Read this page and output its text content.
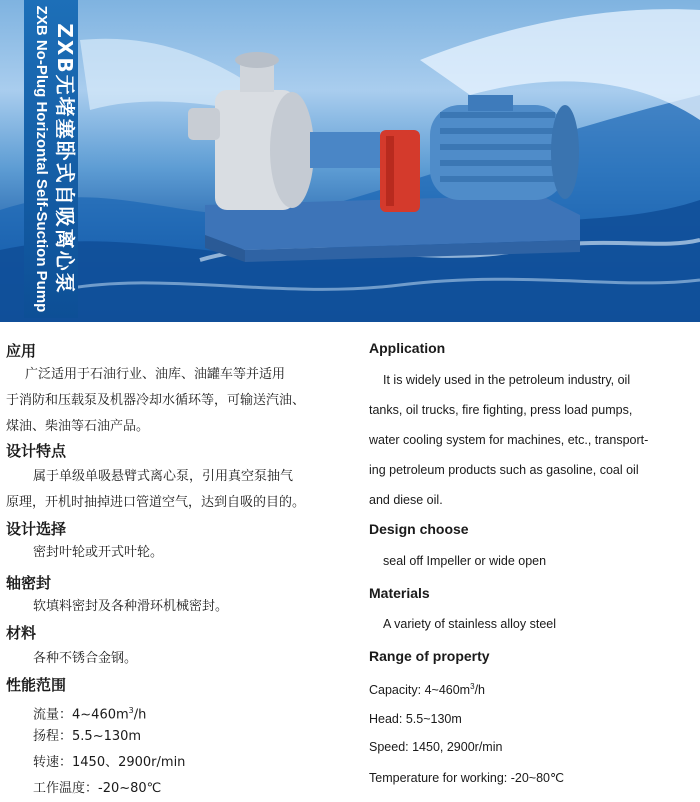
ZXB无堵塞卧式自吸离心泵
ZXB No-Plug Horizontal Self-Suction Pump
应用
广泛适用于石油行业、油库、油罐车等并适用
于消防和压载泵及机器冷却水循环等，可输送汽油、
煤油、柴油等石油产品。
设计特点
属于单级单吸悬臂式离心泵，引用真空泵抽气
原理，开机时抽掉进口管道空气，达到自吸的目的。
设计选择
密封叶轮或开式叶轮。
轴密封
软填料密封及各种滑环机械密封。
材料
各种不锈合金钢。
性能范围
流量：$4\sim 460m^3/h$
扬程：5.5~130m
转速：1450、2900r/min
工作温度：-20~80℃
Application
It is widely used in the petroleum industry, oil
tanks, oil trucks, fire fighting, press load pumps,
water cooling system for machines, etc., transport-
ing petroleum products such as gasoline, coal oil
and diese oil.
Design choose
seal off Impeller or wide open
Materials
A variety of stainless alloy steel
Range of property
Capacity: $4\sim 460m^3/h$
Head: 5.5~130m
Speed: 1450, 2900r/min
Temperature for working: -20~80℃
